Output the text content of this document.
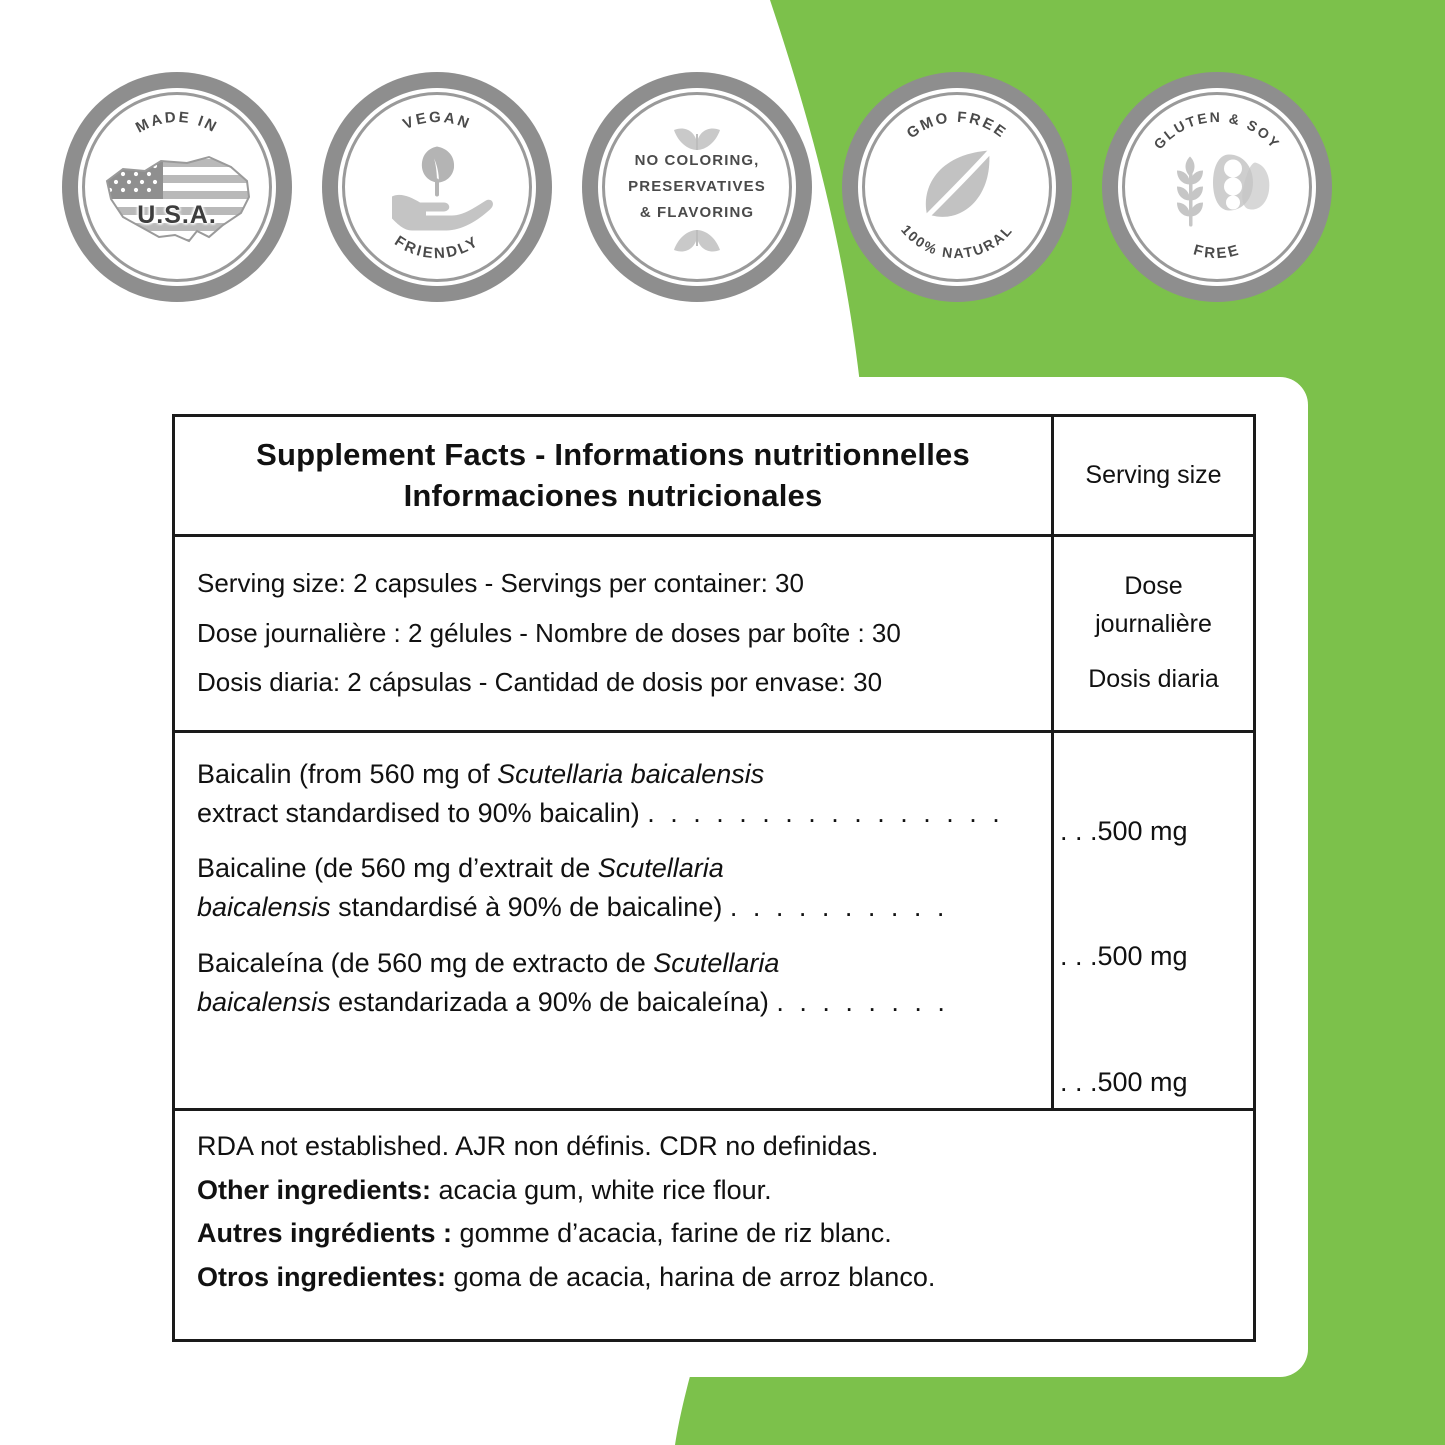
MADE IN
U.S.A.
VEGAN
FRIENDLY
NO COLORING,
PRESERVATIVES
& FLAVORING
GMO FREE
100% NATURAL
GLUTEN & SOY
FREE
Supplement Facts - Informations nutritionnelles
Informaciones nutricionales
Serving size
Serving size: 2 capsules - Servings per container: 30
Dose journalière : 2 gélules - Nombre de doses par boîte : 30
Dosis diaria: 2 cápsulas - Cantidad de dosis por envase: 30
Dose
journalière
Dosis diaria
Baicalin (from 560 mg of Scutellaria baicalensis
extract standardised to 90% baicalin) . . . . . . . . . . . . . . . .
Baicaline (de 560 mg d’extrait de Scutellaria
baicalensis standardisé à 90% de baicaline) . . . . . . . . . .
Baicaleína (de 560 mg de extracto de Scutellaria
baicalensis estandarizada a 90% de baicaleína) . . . . . . . .
. . .500 mg
. . .500 mg
. . .500 mg
RDA not established. AJR non définis. CDR no definidas.
Other ingredients: acacia gum, white rice flour.
Autres ingrédients : gomme d’acacia, farine de riz blanc.
Otros ingredientes: goma de acacia, harina de arroz blanco.
